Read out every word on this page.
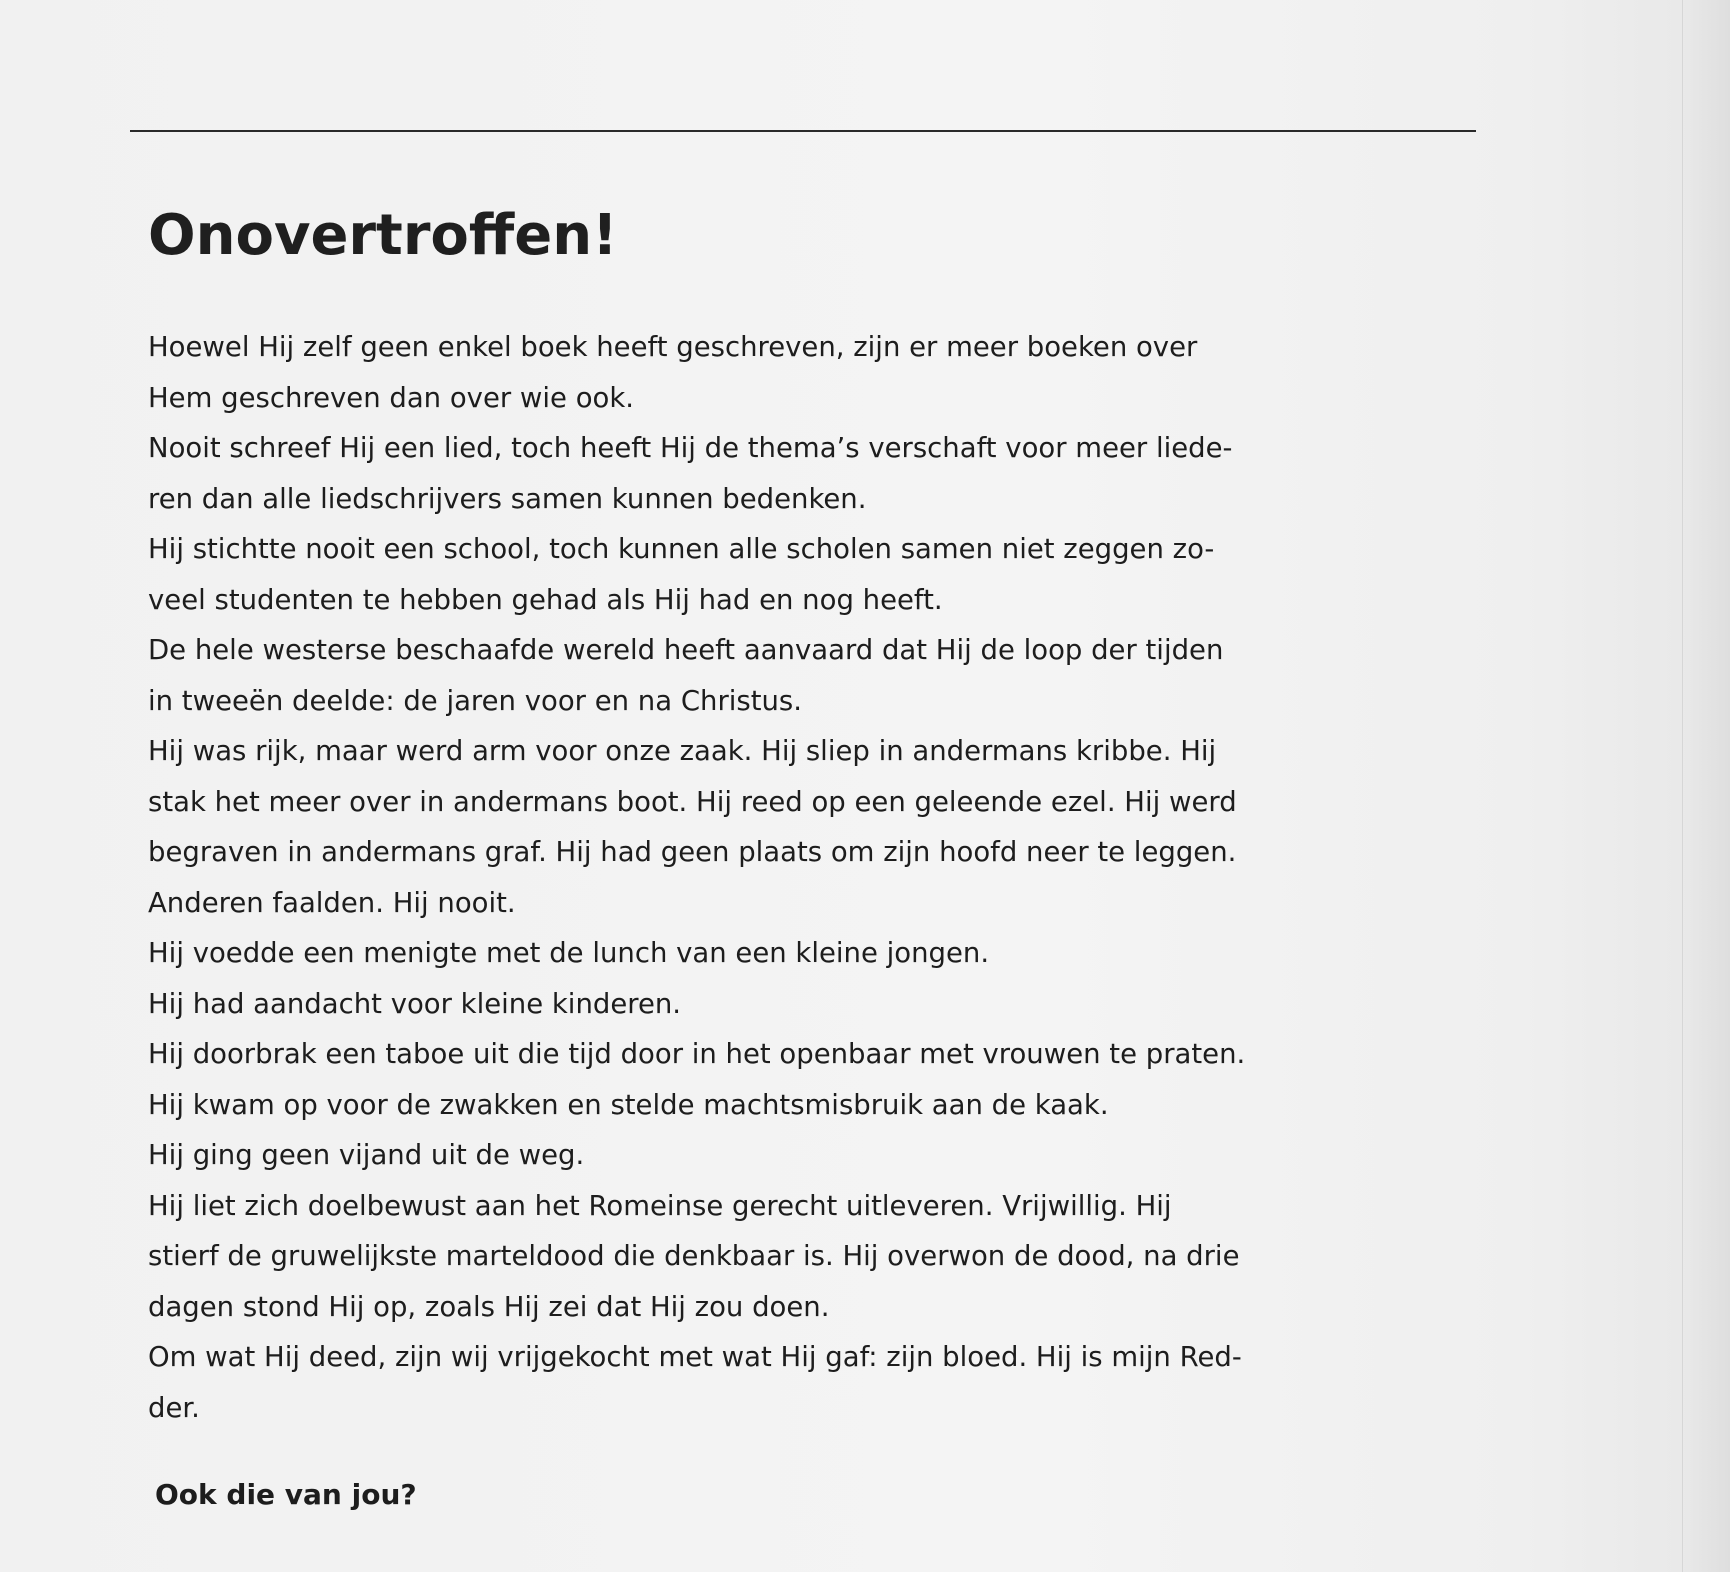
Onovertroffen!
Hoewel Hij zelf geen enkel boek heeft geschreven, zijn er meer boeken over
Hem geschreven dan over wie ook.
Nooit schreef Hij een lied, toch heeft Hij de thema’s verschaft voor meer liede-
ren dan alle liedschrijvers samen kunnen bedenken.
Hij stichtte nooit een school, toch kunnen alle scholen samen niet zeggen zo-
veel studenten te hebben gehad als Hij had en nog heeft.
De hele westerse beschaafde wereld heeft aanvaard dat Hij de loop der tijden
in tweeën deelde: de jaren voor en na Christus.
Hij was rijk, maar werd arm voor onze zaak. Hij sliep in andermans kribbe. Hij
stak het meer over in andermans boot. Hij reed op een geleende ezel. Hij werd
begraven in andermans graf. Hij had geen plaats om zijn hoofd neer te leggen.
Anderen faalden. Hij nooit.
Hij voedde een menigte met de lunch van een kleine jongen.
Hij had aandacht voor kleine kinderen.
Hij doorbrak een taboe uit die tijd door in het openbaar met vrouwen te praten.
Hij kwam op voor de zwakken en stelde machtsmisbruik aan de kaak.
Hij ging geen vijand uit de weg.
Hij liet zich doelbewust aan het Romeinse gerecht uitleveren. Vrijwillig. Hij
stierf de gruwelijkste marteldood die denkbaar is. Hij overwon de dood, na drie
dagen stond Hij op, zoals Hij zei dat Hij zou doen.
Om wat Hij deed, zijn wij vrijgekocht met wat Hij gaf: zijn bloed. Hij is mijn Red-
der.
Ook die van jou?
